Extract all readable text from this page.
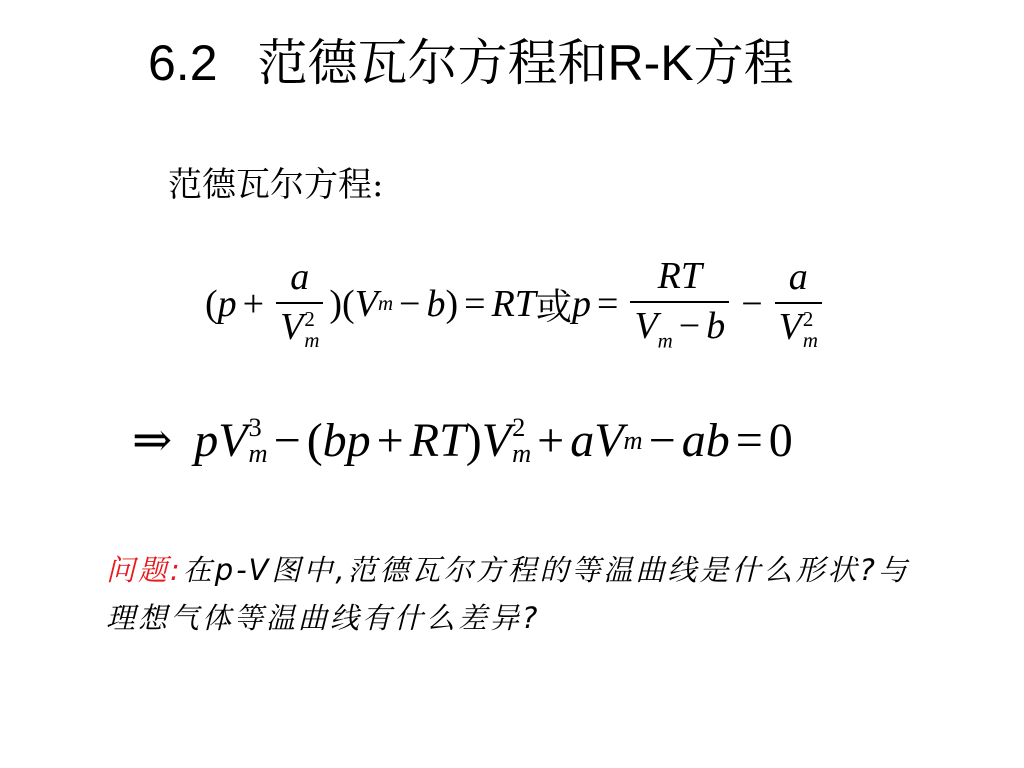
6.2 范德瓦尔方程和R-K方程
范德瓦尔方程:
( p + a
V 2
m )( V m − b ) = RT 或 $p = \frac{RT}{V_m - b} - a$
V 2
m
⇒ p V 3
m − ( bp + RT ) V 2
m + a V m − ab = 0
问题:在p-V图中,范德瓦尔方程的等温曲线是什么形状?与理想气体等温曲线有什么差异?
